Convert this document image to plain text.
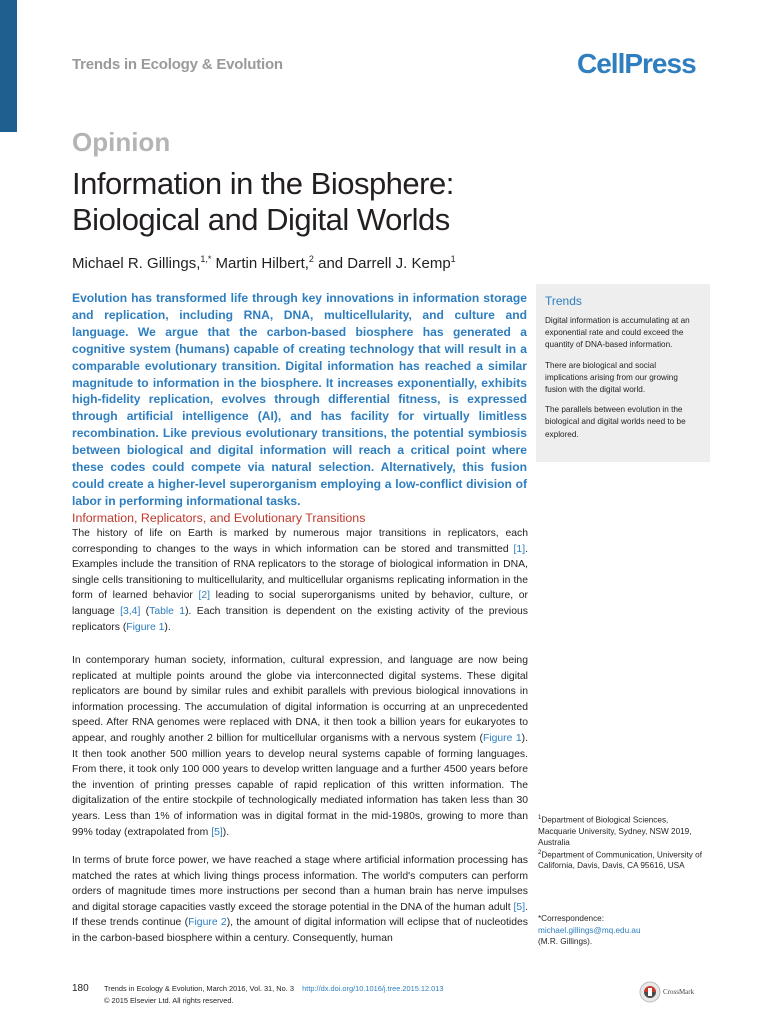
Trends in Ecology & Evolution	CellPress
Opinion
Information in the Biosphere: Biological and Digital Worlds
Michael R. Gillings,$^{1,*}$ Martin Hilbert,$^2$ and Darrell J. Kemp$^1$
Evolution has transformed life through key innovations in information storage and replication, including RNA, DNA, multicellularity, and culture and language. We argue that the carbon-based biosphere has generated a cognitive system (humans) capable of creating technology that will result in a comparable evolutionary transition. Digital information has reached a similar magnitude to information in the biosphere. It increases exponentially, exhibits high-fidelity replication, evolves through differential fitness, is expressed through artificial intelligence (AI), and has facility for virtually limitless recombination. Like previous evolutionary transitions, the potential symbiosis between biological and digital information will reach a critical point where these codes could compete via natural selection. Alternatively, this fusion could create a higher-level superorganism employing a low-conflict division of labor in performing informational tasks.
Trends
Digital information is accumulating at an exponential rate and could exceed the quantity of DNA-based information.
There are biological and social implications arising from our growing fusion with the digital world.
The parallels between evolution in the biological and digital worlds need to be explored.
Information, Replicators, and Evolutionary Transitions
The history of life on Earth is marked by numerous major transitions in replicators, each corresponding to changes to the ways in which information can be stored and transmitted [1]. Examples include the transition of RNA replicators to the storage of biological information in DNA, single cells transitioning to multicellularity, and multicellular organisms replicating information in the form of learned behavior [2] leading to social superorganisms united by behavior, culture, or language [3,4] (Table 1). Each transition is dependent on the existing activity of the previous replicators (Figure 1).
In contemporary human society, information, cultural expression, and language are now being replicated at multiple points around the globe via interconnected digital systems. These digital replicators are bound by similar rules and exhibit parallels with previous biological innovations in information processing. The accumulation of digital information is occurring at an unprecedented speed. After RNA genomes were replaced with DNA, it then took a billion years for eukaryotes to appear, and roughly another 2 billion for multicellular organisms with a nervous system (Figure 1). It then took another 500 million years to develop neural systems capable of forming languages. From there, it took only 100 000 years to develop written language and a further 4500 years before the invention of printing presses capable of rapid replication of this written information. The digitalization of the entire stockpile of technologically mediated information has taken less than 30 years. Less than 1% of information was in digital format in the mid-1980s, growing to more than 99% today (extrapolated from [5]).
In terms of brute force power, we have reached a stage where artificial information processing has matched the rates at which living things process information. The world's computers can perform orders of magnitude times more instructions per second than a human brain has nerve impulses and digital storage capacities vastly exceed the storage potential in the DNA of the human adult [5]. If these trends continue (Figure 2), the amount of digital information will eclipse that of nucleotides in the carbon-based biosphere within a century. Consequently, human
$^1$Department of Biological Sciences, Macquarie University, Sydney, NSW 2019, Australia
$^2$Department of Communication, University of California, Davis, Davis, CA 95616, USA
*Correspondence:
michael.gillings@mq.edu.au
(M.R. Gillings).
180 Trends in Ecology & Evolution, March 2016, Vol. 31, No. 3 http://dx.doi.org/10.1016/j.tree.2015.12.013
© 2015 Elsevier Ltd. All rights reserved.
CrossMark
